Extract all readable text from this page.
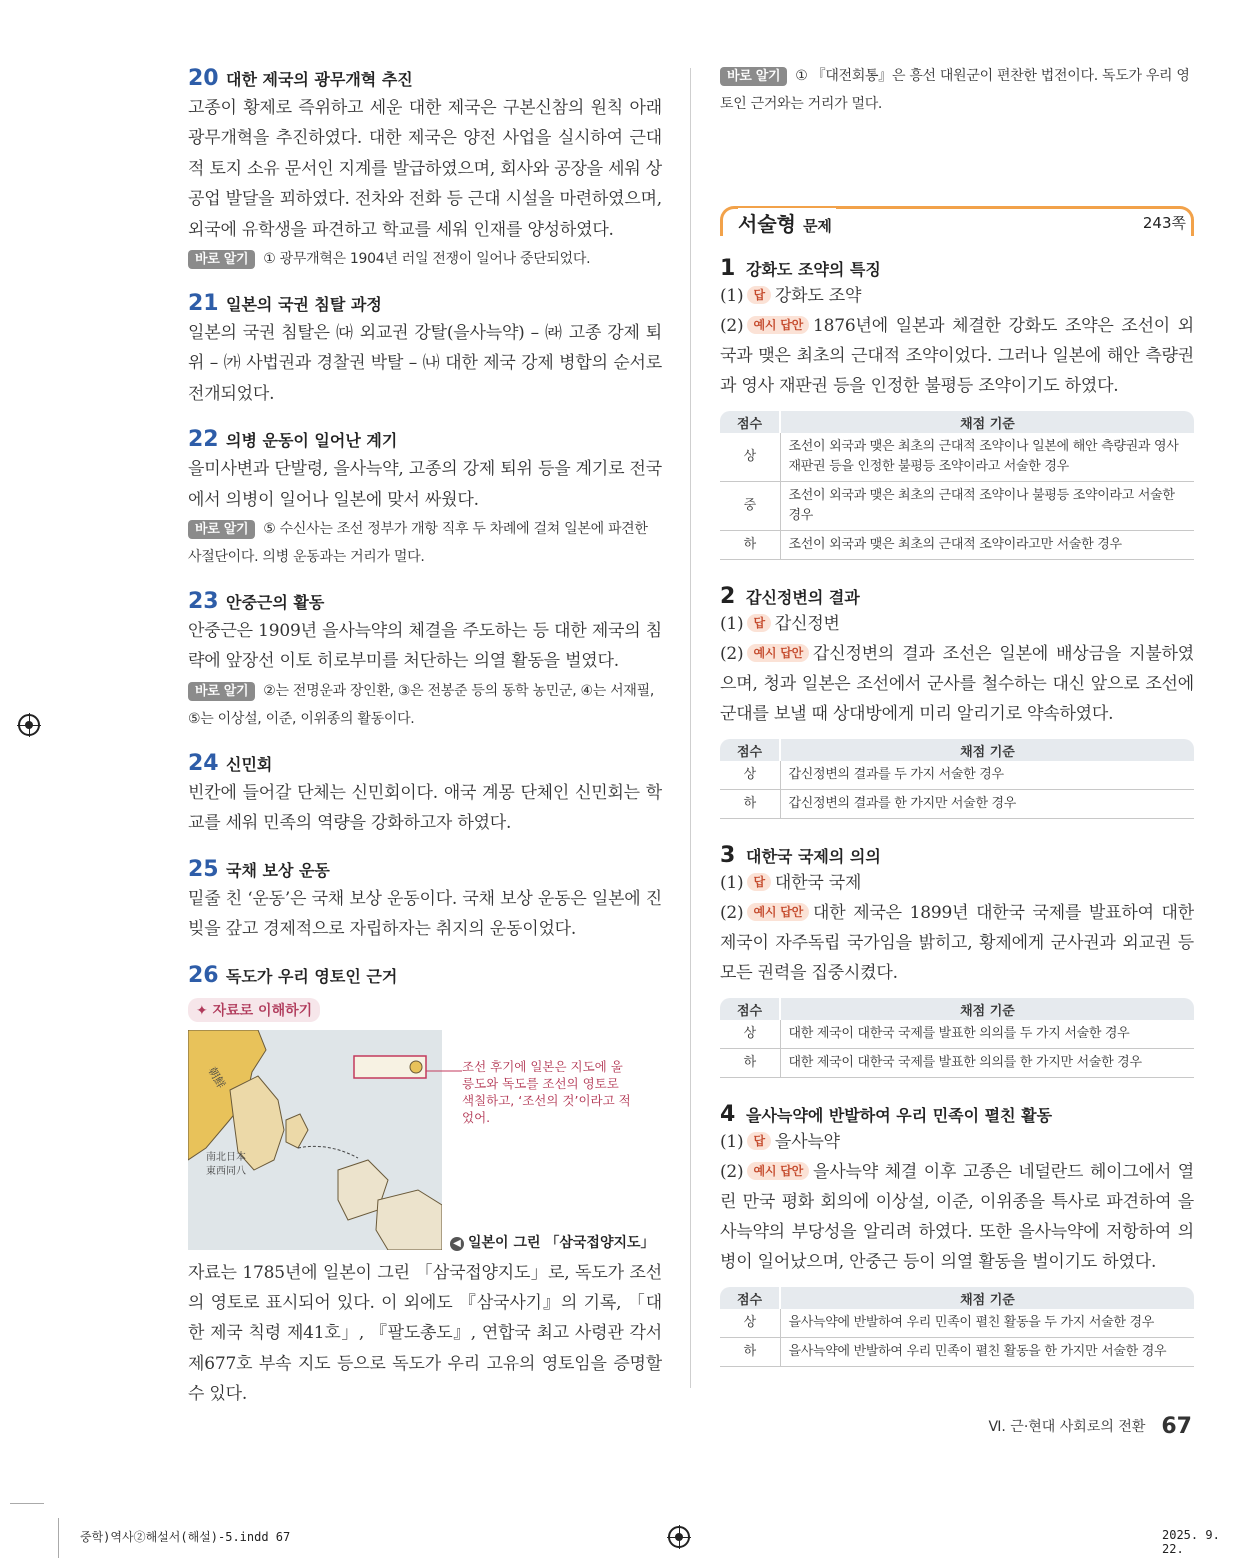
20 대한 제국의 광무개혁 추진

고종이 황제로 즉위하고 세운 대한 제국은 구본신참의 원칙 아래 광무개혁을 추진하였다. 대한 제국은 양전 사업을 실시하여 근대적 토지 소유 문서인 지계를 발급하였으며, 회사와 공장을 세워 상공업 발달을 꾀하였다. 전차와 전화 등 근대 시설을 마련하였으며, 외국에 유학생을 파견하고 학교를 세워 인재를 양성하였다.

바로 알기 ① 광무개혁은 1904년 러일 전쟁이 일어나 중단되었다.

21 일본의 국권 침탈 과정

일본의 국권 침탈은 ㈐ 외교권 강탈(을사늑약) – ㈑ 고종 강제 퇴위 – ㈎ 사법권과 경찰권 박탈 – ㈏ 대한 제국 강제 병합의 순서로 전개되었다.

22 의병 운동이 일어난 계기

을미사변과 단발령, 을사늑약, 고종의 강제 퇴위 등을 계기로 전국에서 의병이 일어나 일본에 맞서 싸웠다.

바로 알기 ⑤ 수신사는 조선 정부가 개항 직후 두 차례에 걸쳐 일본에 파견한 사절단이다. 의병 운동과는 거리가 멀다.

23 안중근의 활동

안중근은 1909년 을사늑약의 체결을 주도하는 등 대한 제국의 침략에 앞장선 이토 히로부미를 처단하는 의열 활동을 벌였다.

바로 알기 ②는 전명운과 장인환, ③은 전봉준 등의 동학 농민군, ④는 서재필, ⑤는 이상설, 이준, 이위종의 활동이다.

24 신민회

빈칸에 들어갈 단체는 신민회이다. 애국 계몽 단체인 신민회는 학교를 세워 민족의 역량을 강화하고자 하였다.

25 국채 보상 운동

밑줄 친 ‘운동’은 국채 보상 운동이다. 국채 보상 운동은 일본에 진 빚을 갚고 경제적으로 자립하자는 취지의 운동이었다.

26 독도가 우리 영토인 근거
✦ 자료로 이해하기
朝鮮
南北日本
東西同八
조선 후기에 일본은 지도에 울릉도와 독도를 조선의 영토로 색칠하고, ‘조선의 것’이라고 적었어.
◀ 일본이 그린 「삼국접양지도」

자료는 1785년에 일본이 그린 「삼국접양지도」로, 독도가 조선의 영토로 표시되어 있다. 이 외에도 『삼국사기』의 기록, 「대한 제국 칙령 제41호」, 『팔도총도』, 연합국 최고 사령관 각서 제677호 부속 지도 등으로 독도가 우리 고유의 영토임을 증명할 수 있다.

바로 알기 ① 『대전회통』은 흥선 대원군이 편찬한 법전이다. 독도가 우리 영토인 근거와는 거리가 멀다.

서술형 문제	243쪽
1 강화도 조약의 특징

(1) 답 강화도 조약

(2) 예시 답안 1876년에 일본과 체결한 강화도 조약은 조선이 외국과 맺은 최초의 근대적 조약이었다. 그러나 일본에 해안 측량권과 영사 재판권 등을 인정한 불평등 조약이기도 하였다.

점수	채점 기준
상	조선이 외국과 맺은 최초의 근대적 조약이나 일본에 해안 측량권과 영사 재판권 등을 인정한 불평등 조약이라고 서술한 경우
중	조선이 외국과 맺은 최초의 근대적 조약이나 불평등 조약이라고 서술한 경우
하	조선이 외국과 맺은 최초의 근대적 조약이라고만 서술한 경우
2 갑신정변의 결과

(1) 답 갑신정변

(2) 예시 답안 갑신정변의 결과 조선은 일본에 배상금을 지불하였으며, 청과 일본은 조선에서 군사를 철수하는 대신 앞으로 조선에 군대를 보낼 때 상대방에게 미리 알리기로 약속하였다.

점수	채점 기준
상	갑신정변의 결과를 두 가지 서술한 경우
하	갑신정변의 결과를 한 가지만 서술한 경우
3 대한국 국제의 의의

(1) 답 대한국 국제

(2) 예시 답안 대한 제국은 1899년 대한국 국제를 발표하여 대한 제국이 자주독립 국가임을 밝히고, 황제에게 군사권과 외교권 등 모든 권력을 집중시켰다.

점수	채점 기준
상	대한 제국이 대한국 국제를 발표한 의의를 두 가지 서술한 경우
하	대한 제국이 대한국 국제를 발표한 의의를 한 가지만 서술한 경우
4 을사늑약에 반발하여 우리 민족이 펼친 활동

(1) 답 을사늑약

(2) 예시 답안 을사늑약 체결 이후 고종은 네덜란드 헤이그에서 열린 만국 평화 회의에 이상설, 이준, 이위종을 특사로 파견하여 을사늑약의 부당성을 알리려 하였다. 또한 을사늑약에 저항하여 의병이 일어났으며, 안중근 등이 의열 활동을 벌이기도 하였다.

점수	채점 기준
상	을사늑약에 반발하여 우리 민족이 펼친 활동을 두 가지 서술한 경우
하	을사늑약에 반발하여 우리 민족이 펼친 활동을 한 가지만 서술한 경우
Ⅵ. 근·현대 사회로의 전환 67
중학)역사②해설서(해설)-5.indd 67	2025. 9. 22.
